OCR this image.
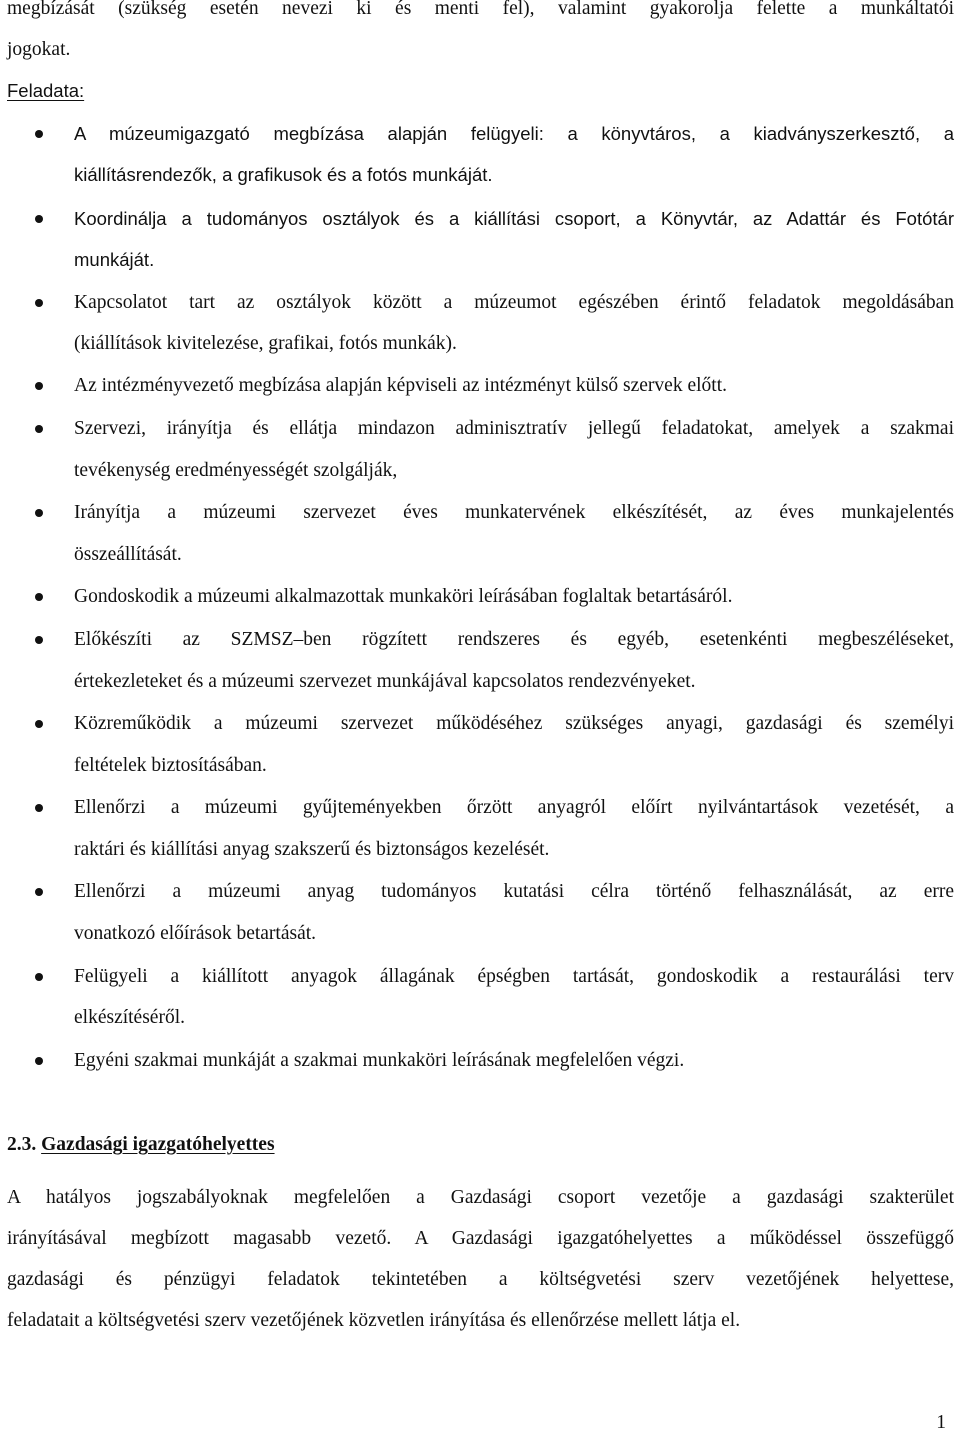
megbízását (szükség esetén nevezi ki és menti fel), valamint gyakorolja felette a munkáltatói
jogokat.
Feladata:
A múzeumigazgató megbízása alapján felügyeli: a könyvtáros, a kiadványszerkesztő, a
kiállításrendezők, a grafikusok és a fotós munkáját.
Koordinálja a tudományos osztályok és a kiállítási csoport, a Könyvtár, az Adattár és Fotótár
munkáját.
Kapcsolatot tart az osztályok között a múzeumot egészében érintő feladatok megoldásában
(kiállítások kivitelezése, grafikai, fotós munkák).
Az intézményvezető megbízása alapján képviseli az intézményt külső szervek előtt.
Szervezi, irányítja és ellátja mindazon adminisztratív jellegű feladatokat, amelyek a szakmai
tevékenység eredményességét szolgálják,
Irányítja a múzeumi szervezet éves munkatervének elkészítését, az éves munkajelentés
összeállítását.
Gondoskodik a múzeumi alkalmazottak munkaköri leírásában foglaltak betartásáról.
Előkészíti az SZMSZ–ben rögzített rendszeres és egyéb, esetenkénti megbeszéléseket,
értekezleteket és a múzeumi szervezet munkájával kapcsolatos rendezvényeket.
Közreműködik a múzeumi szervezet működéséhez szükséges anyagi, gazdasági és személyi
feltételek biztosításában.
Ellenőrzi a múzeumi gyűjteményekben őrzött anyagról előírt nyilvántartások vezetését, a
raktári és kiállítási anyag szakszerű és biztonságos kezelését.
Ellenőrzi a múzeumi anyag tudományos kutatási célra történő felhasználását, az erre
vonatkozó előírások betartását.
Felügyeli a kiállított anyagok állagának épségben tartását, gondoskodik a restaurálási terv
elkészítéséről.
Egyéni szakmai munkáját a szakmai munkaköri leírásának megfelelően végzi.
2.3. Gazdasági igazgatóhelyettes
A hatályos jogszabályoknak megfelelően a Gazdasági csoport vezetője a gazdasági szakterület
irányításával megbízott magasabb vezető. A Gazdasági igazgatóhelyettes a működéssel összefüggő
gazdasági és pénzügyi feladatok tekintetében a költségvetési szerv vezetőjének helyettese,
feladatait a költségvetési szerv vezetőjének közvetlen irányítása és ellenőrzése mellett látja el.
1
